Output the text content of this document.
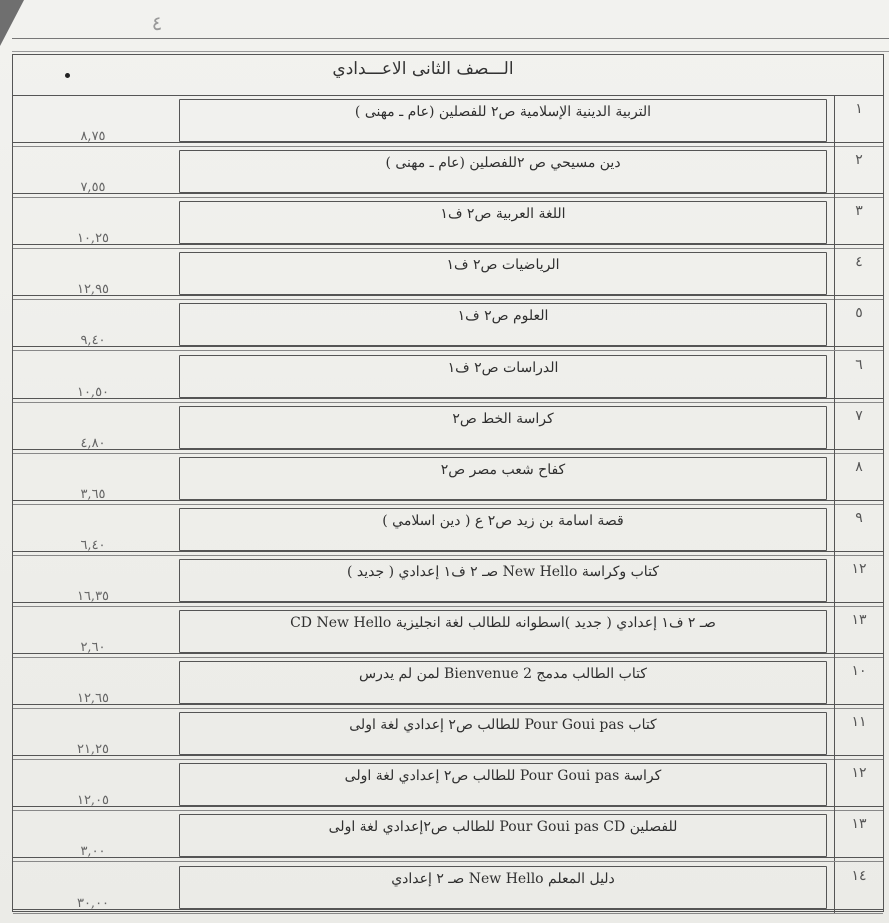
٤
الـــصف الثانى الاعـــدادي
١
التربية الدينية الإسلامية ص٢ للفصلين (عام ـ مهنى )
٨,٧٥
٢
دين مسيحي ص ٢للفصلين (عام ـ مهنى )
٧,٥٥
٣
اللغة العربية ص٢ ف١
١٠,٢٥
٤
الرياضيات ص٢ ف١
١٢,٩٥
٥
العلوم ص٢ ف١
٩,٤٠
٦
الدراسات ص٢ ف١
١٠,٥٠
٧
كراسة الخط ص٢
٤,٨٠
٨
كفاح شعب مصر ص٢
٣,٦٥
٩
قصة اسامة بن زيد ص٢ ع ( دين اسلامي )
٦,٤٠
١٢
كتاب وكراسة New Hello صـ ٢ ف١ إعدادي ( جديد )
١٦,٣٥
١٣
صـ ٢ ف١ إعدادي ( جديد )اسطوانه للطالب لغة انجليزية CD New Hello
٢,٦٠
١٠
كتاب الطالب مدمج Bienvenue 2 لمن لم يدرس
١٢,٦٥
١١
كتاب Pour Goui pas للطالب ص٢ إعدادي لغة اولى
٢١,٢٥
١٢
كراسة Pour Goui pas للطالب ص٢ إعدادي لغة اولى
١٢,٠٥
١٣
للفصلين Pour Goui pas CD للطالب ص٢إعدادي لغة اولى
٣,٠٠
١٤
دليل المعلم New Hello صـ ٢ إعدادي
٣٠,٠٠
